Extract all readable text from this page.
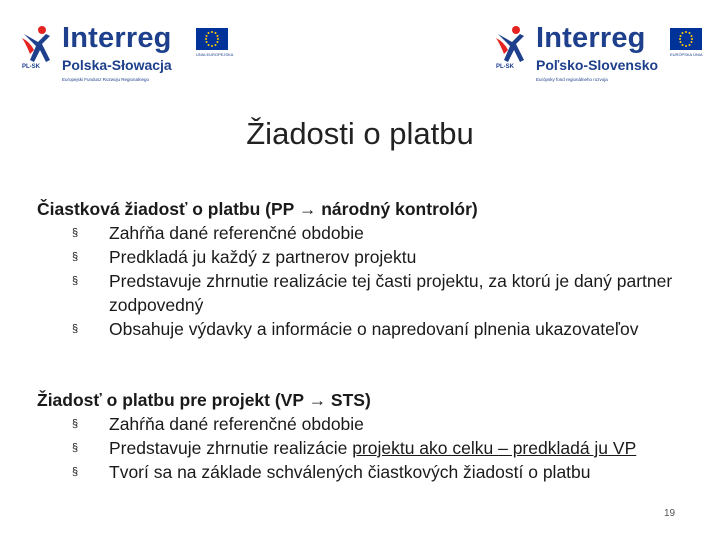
PL-SK
Interreg
UNIA EUROPEJSKA
Polska-Słowacja
Europejski Fundusz Rozwoju Regionalnego
PL-SK
Interreg
EURÓPSKA ÚNIA
Poľsko-Slovensko
Európsky fond regionálneho rozvoja
Žiadosti o platbu
Čiastková žiadosť o platbu (PP → národný kontrolór)
§ Zahŕňa dané referenčné obdobie
§ Predkladá ju každý z partnerov projektu
§ Predstavuje zhrnutie realizácie tej časti projektu, za ktorú je daný partner zodpovedný
§ Obsahuje výdavky a informácie o napredovaní plnenia ukazovateľov
Žiadosť o platbu pre projekt (VP → STS)
§ Zahŕňa dané referenčné obdobie
§ Predstavuje zhrnutie realizácie projektu ako celku – predkladá ju VP
§ Tvorí sa na základe schválených čiastkových žiadostí o platbu
19
